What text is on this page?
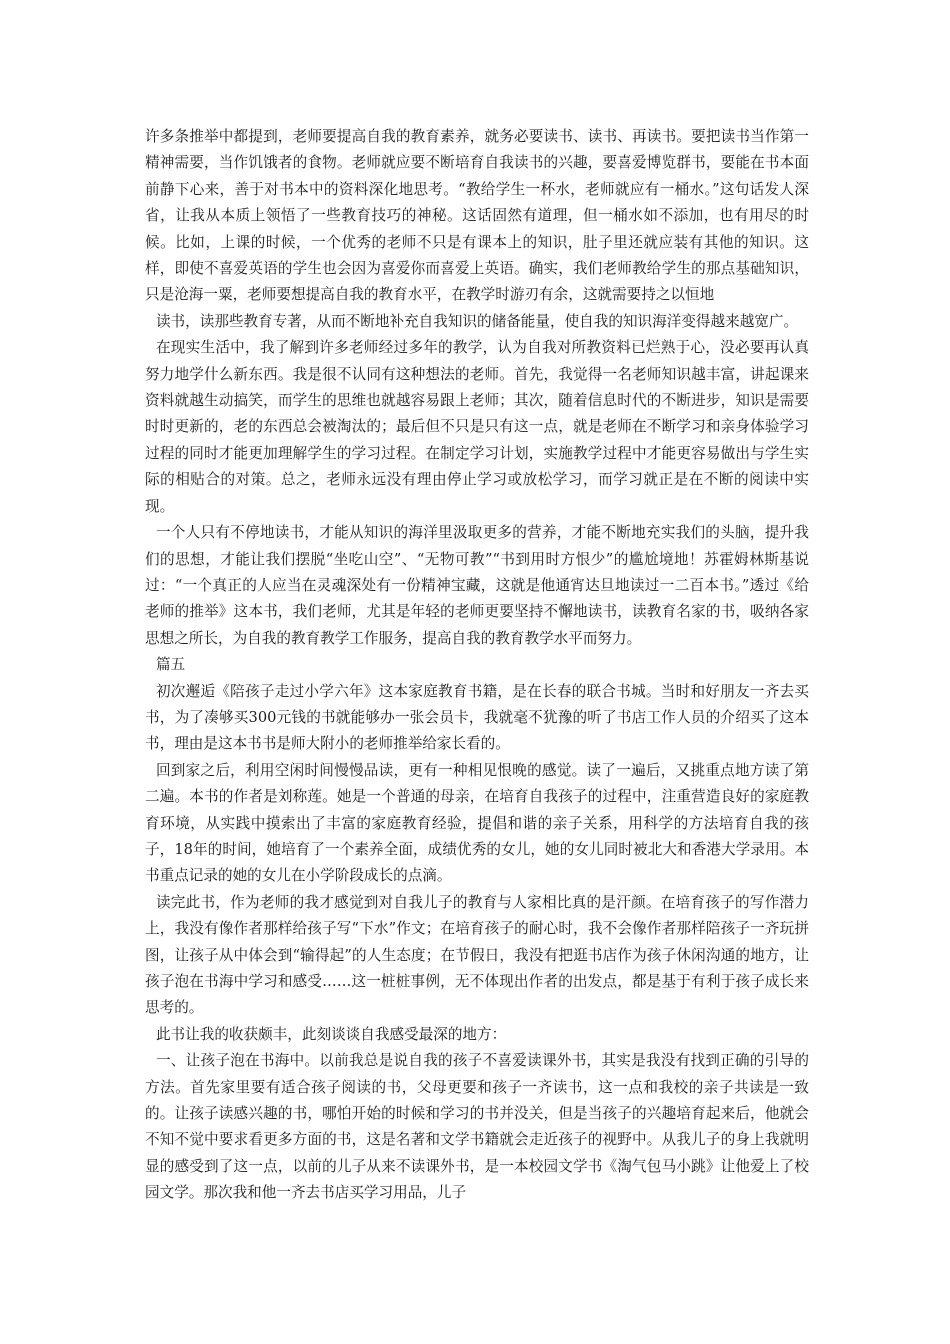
许多条推举中都提到，老师要提高自我的教育素养，就务必要读书、读书、再读书。要把读书当作第一精神需要，当作饥饿者的食物。老师就应要不断培育自我读书的兴趣，要喜爱博览群书，要能在书本面前静下心来，善于对书本中的资料深化地思考。“教给学生一杯水，老师就应有一桶水。”这句话发人深省，让我从本质上领悟了一些教育技巧的神秘。这话固然有道理，但一桶水如不添加，也有用尽的时候。比如，上课的时候，一个优秀的老师不只是有课本上的知识，肚子里还就应装有其他的知识。这样，即使不喜爱英语的学生也会因为喜爱你而喜爱上英语。确实，我们老师教给学生的那点基础知识，只是沧海一粟，老师要想提高自我的教育水平，在教学时游刃有余，这就需要持之以恒地

读书，读那些教育专著，从而不断地补充自我知识的储备能量，使自我的知识海洋变得越来越宽广。

在现实生活中，我了解到许多老师经过多年的教学，认为自我对所教资料已烂熟于心，没必要再认真努力地学什么新东西。我是很不认同有这种想法的老师。首先，我觉得一名老师知识越丰富，讲起课来资料就越生动搞笑，而学生的思维也就越容易跟上老师；其次，随着信息时代的不断进步，知识是需要时时更新的，老的东西总会被淘汰的；最后但不只是只有这一点，就是老师在不断学习和亲身体验学习过程的同时才能更加理解学生的学习过程。在制定学习计划，实施教学过程中才能更容易做出与学生实际的相贴合的对策。总之，老师永远没有理由停止学习或放松学习，而学习就正是在不断的阅读中实现。

一个人只有不停地读书，才能从知识的海洋里汲取更多的营养，才能不断地充实我们的头脑，提升我们的思想，才能让我们摆脱“坐吃山空”、“无物可教”“书到用时方恨少”的尴尬境地！苏霍姆林斯基说过：“一个真正的人应当在灵魂深处有一份精神宝藏，这就是他通宵达旦地读过一二百本书。”透过《给老师的推举》这本书，我们老师，尤其是年轻的老师更要坚持不懈地读书，读教育名家的书，吸纳各家思想之所长，为自我的教育教学工作服务，提高自我的教育教学水平而努力。

篇五

初次邂逅《陪孩子走过小学六年》这本家庭教育书籍，是在长春的联合书城。当时和好朋友一齐去买书，为了凑够买300元钱的书就能够办一张会员卡，我就毫不犹豫的听了书店工作人员的介绍买了这本书，理由是这本书书是师大附小的老师推举给家长看的。

回到家之后，利用空闲时间慢慢品读，更有一种相见恨晚的感觉。读了一遍后，又挑重点地方读了第二遍。本书的作者是刘称莲。她是一个普通的母亲，在培育自我孩子的过程中，注重营造良好的家庭教育环境，从实践中摸索出了丰富的家庭教育经验，提倡和谐的亲子关系，用科学的方法培育自我的孩子，18年的时间，她培育了一个素养全面，成绩优秀的女儿，她的女儿同时被北大和香港大学录用。本书重点记录的她的女儿在小学阶段成长的点滴。

读完此书，作为老师的我才感觉到对自我儿子的教育与人家相比真的是汗颜。在培育孩子的写作潜力上，我没有像作者那样给孩子写“下水”作文；在培育孩子的耐心时，我不会像作者那样陪孩子一齐玩拼图，让孩子从中体会到“输得起”的人生态度；在节假日，我没有把逛书店作为孩子休闲沟通的地方，让孩子泡在书海中学习和感受……这一桩桩事例，无不体现出作者的出发点，都是基于有利于孩子成长来思考的。

此书让我的收获颇丰，此刻谈谈自我感受最深的地方：

一、让孩子泡在书海中。以前我总是说自我的孩子不喜爱读课外书，其实是我没有找到正确的引导的方法。首先家里要有适合孩子阅读的书，父母更要和孩子一齐读书，这一点和我校的亲子共读是一致的。让孩子读感兴趣的书，哪怕开始的时候和学习的书并没关，但是当孩子的兴趣培育起来后，他就会不知不觉中要求看更多方面的书，这是名著和文学书籍就会走近孩子的视野中。从我儿子的身上我就明显的感受到了这一点，以前的儿子从来不读课外书，是一本校园文学书《淘气包马小跳》让他爱上了校园文学。那次我和他一齐去书店买学习用品，儿子
